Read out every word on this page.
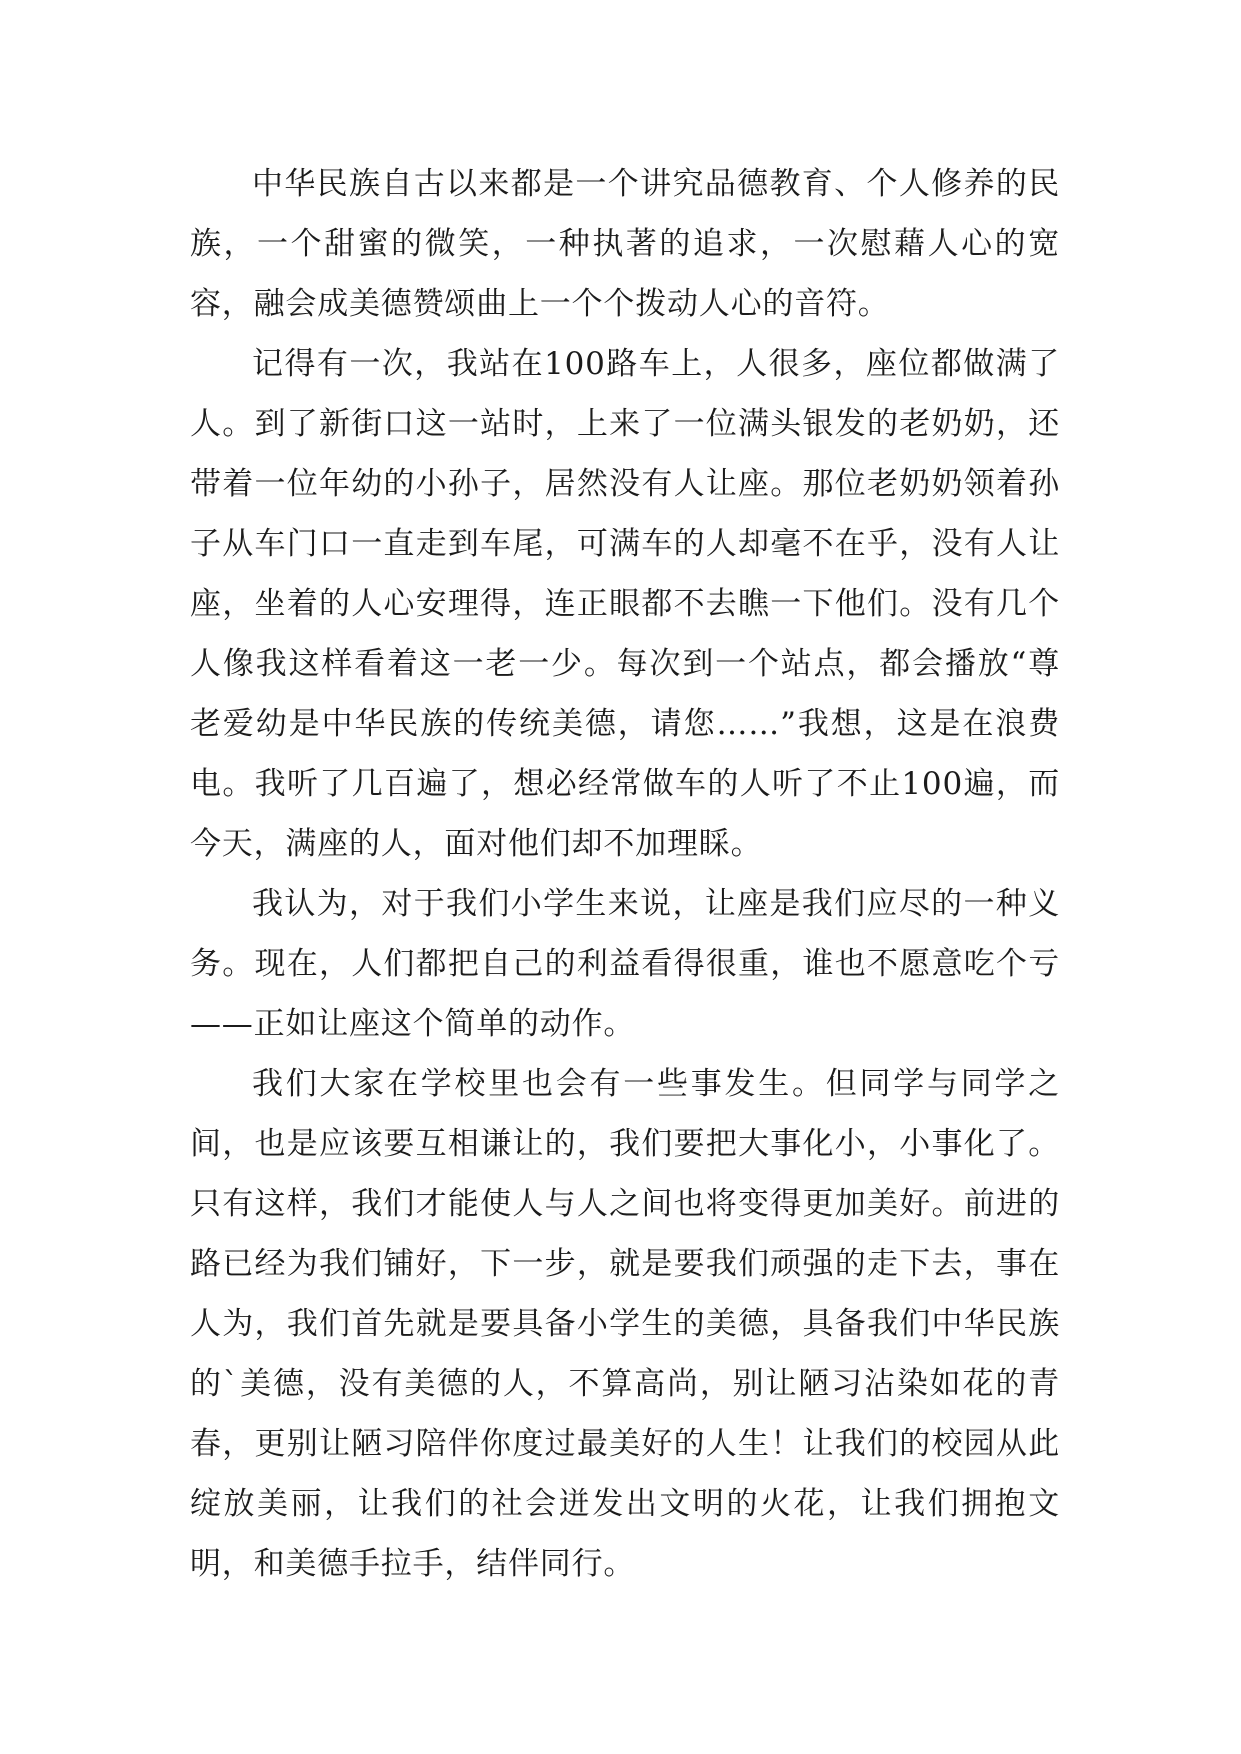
中华民族自古以来都是一个讲究品德教育、个人修养的民族，一个甜蜜的微笑，一种执著的追求，一次慰藉人心的宽容，融会成美德赞颂曲上一个个拨动人心的音符。

记得有一次，我站在100路车上，人很多，座位都做满了人。到了新街口这一站时，上来了一位满头银发的老奶奶，还带着一位年幼的小孙子，居然没有人让座。那位老奶奶领着孙子从车门口一直走到车尾，可满车的人却毫不在乎，没有人让座，坐着的人心安理得，连正眼都不去瞧一下他们。没有几个人像我这样看着这一老一少。每次到一个站点，都会播放“尊老爱幼是中华民族的传统美德，请您……”我想，这是在浪费电。我听了几百遍了，想必经常做车的人听了不止100遍，而今天，满座的人，面对他们却不加理睬。

我认为，对于我们小学生来说，让座是我们应尽的一种义务。现在，人们都把自己的利益看得很重，谁也不愿意吃个亏——正如让座这个简单的动作。

我们大家在学校里也会有一些事发生。但同学与同学之间，也是应该要互相谦让的，我们要把大事化小，小事化了。只有这样，我们才能使人与人之间也将变得更加美好。前进的路已经为我们铺好，下一步，就是要我们顽强的走下去，事在人为，我们首先就是要具备小学生的美德，具备我们中华民族的`美德，没有美德的人，不算高尚，别让陋习沾染如花的青春，更别让陋习陪伴你度过最美好的人生！让我们的校园从此绽放美丽，让我们的社会迸发出文明的火花，让我们拥抱文明，和美德手拉手，结伴同行。
